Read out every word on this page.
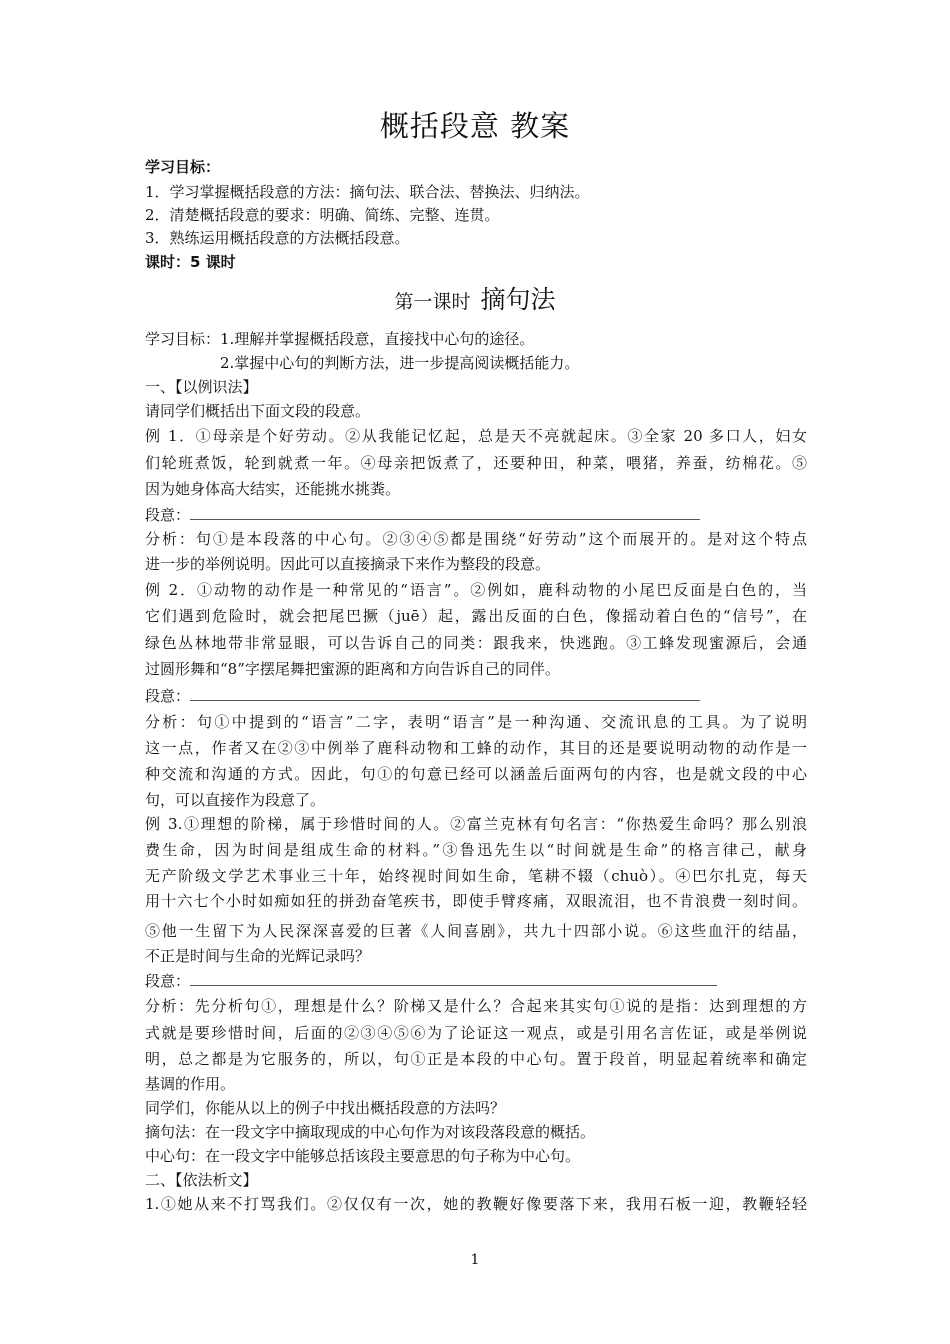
概括段意 教案
学习目标：
1．学习掌握概括段意的方法：摘句法、联合法、替换法、归纳法。
2．清楚概括段意的要求：明确、简练、完整、连贯。
3．熟练运用概括段意的方法概括段意。
课时：5 课时
第一课时 摘句法
学习目标：1.理解并掌握概括段意，直接找中心句的途径。
　　　　　2.掌握中心句的判断方法，进一步提高阅读概括能力。
一、【以例识法】
请同学们概括出下面文段的段意。
例 1．①母亲是个好劳动。②从我能记忆起，总是天不亮就起床。③全家 20 多口人，妇女
们轮班煮饭，轮到就煮一年。④母亲把饭煮了，还要种田，种菜，喂猪，养蚕，纺棉花。⑤
因为她身体高大结实，还能挑水挑粪。
段意：
分析：句①是本段落的中心句。②③④⑤都是围绕“好劳动”这个而展开的。是对这个特点
进一步的举例说明。因此可以直接摘录下来作为整段的段意。
例 2．①动物的动作是一种常见的“语言”。②例如，鹿科动物的小尾巴反面是白色的，当
它们遇到危险时，就会把尾巴撅（juē）起，露出反面的白色，像摇动着白色的“信号”，在
绿色丛林地带非常显眼，可以告诉自己的同类：跟我来，快逃跑。③工蜂发现蜜源后，会通
过圆形舞和“8”字摆尾舞把蜜源的距离和方向告诉自己的同伴。
段意：
分析：句①中提到的“语言”二字，表明“语言”是一种沟通、交流讯息的工具。为了说明
这一点，作者又在②③中例举了鹿科动物和工蜂的动作，其目的还是要说明动物的动作是一
种交流和沟通的方式。因此，句①的句意已经可以涵盖后面两句的内容，也是就文段的中心
句，可以直接作为段意了。
例 3.①理想的阶梯，属于珍惜时间的人。②富兰克林有句名言：“你热爱生命吗？那么别浪
费生命，因为时间是组成生命的材料。”③鲁迅先生以“时间就是生命”的格言律己，献身
无产阶级文学艺术事业三十年，始终视时间如生命，笔耕不辍（chuò）。④巴尔扎克，每天
用十六七个小时如痴如狂的拼劲奋笔疾书，即使手臂疼痛，双眼流泪，也不肯浪费一刻时间。
⑤他一生留下为人民深深喜爱的巨著《人间喜剧》，共九十四部小说。⑥这些血汗的结晶，
不正是时间与生命的光辉记录吗？
段意：
分析：先分析句①，理想是什么？阶梯又是什么？合起来其实句①说的是指：达到理想的方
式就是要珍惜时间，后面的②③④⑤⑥为了论证这一观点，或是引用名言佐证，或是举例说
明，总之都是为它服务的，所以，句①正是本段的中心句。置于段首，明显起着统率和确定
基调的作用。
同学们，你能从以上的例子中找出概括段意的方法吗？
摘句法：在一段文字中摘取现成的中心句作为对该段落段意的概括。
中心句：在一段文字中能够总括该段主要意思的句子称为中心句。
二、【依法析文】
1.①她从来不打骂我们。②仅仅有一次，她的教鞭好像要落下来，我用石板一迎，教鞭轻轻
1
